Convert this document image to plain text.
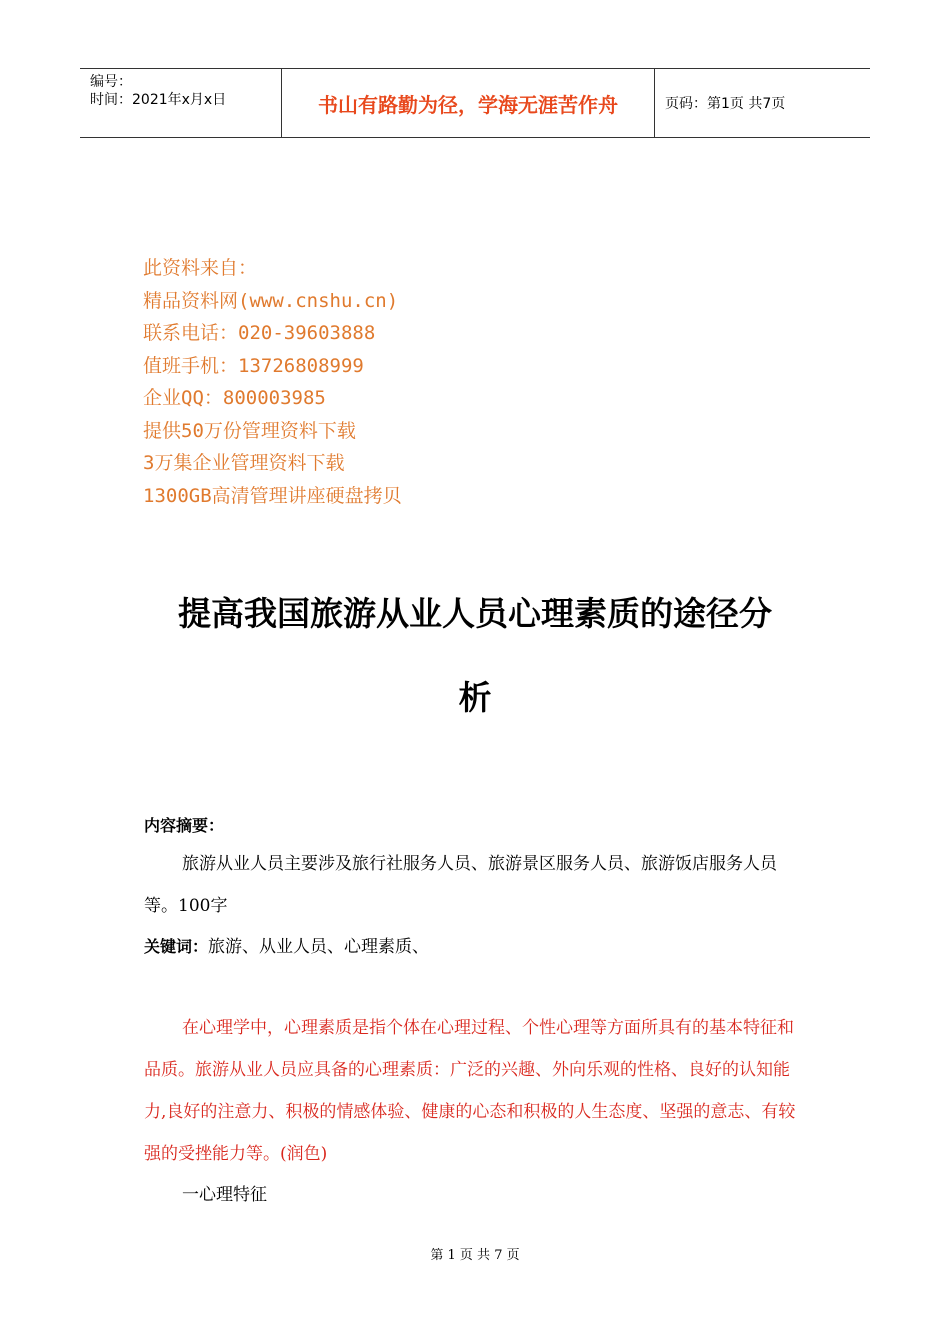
编号：
时间：2021年x月x日	书山有路勤为径，学海无涯苦作舟	页码：第1页 共7页
此资料来自：
精品资料网(www.cnshu.cn)
联系电话：020-39603888
值班手机：13726808999
企业QQ：800003985
提供50万份管理资料下载
3万集企业管理资料下载
1300GB高清管理讲座硬盘拷贝
提高我国旅游从业人员心理素质的途径分
析
内容摘要：
旅游从业人员主要涉及旅行社服务人员、旅游景区服务人员、旅游饭店服务人员等。100字
关键词：旅游、从业人员、心理素质、
在心理学中，心理素质是指个体在心理过程、个性心理等方面所具有的基本特征和品质。旅游从业人员应具备的心理素质：广泛的兴趣、外向乐观的性格、良好的认知能力,良好的注意力、积极的情感体验、健康的心态和积极的人生态度、坚强的意志、有较强的受挫能力等。(润色)
一心理特征
第 1 页 共 7 页
